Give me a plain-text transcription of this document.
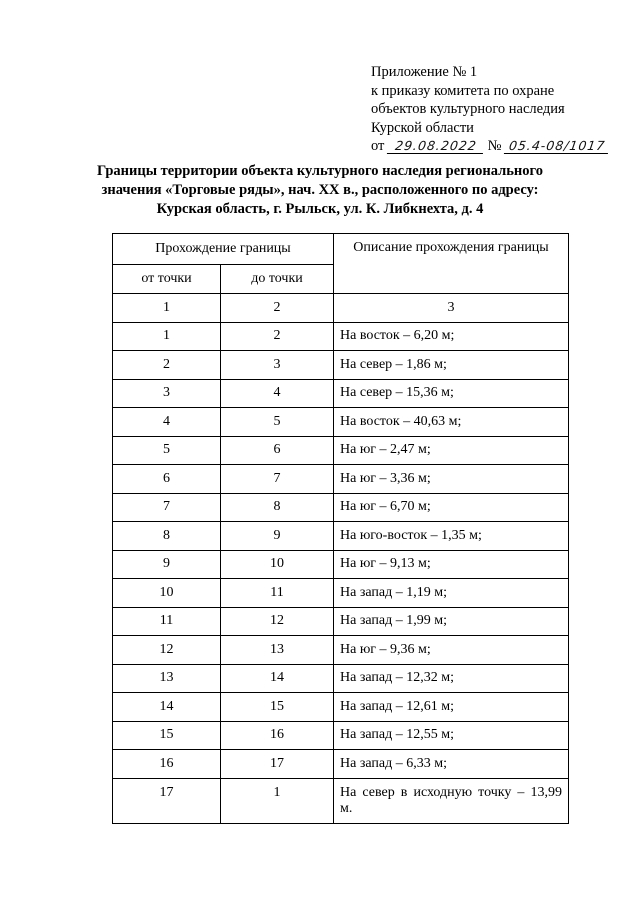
Приложение № 1
к приказу комитета по охране
объектов культурного наследия
Курской области
от 29.08.2022 № 05.4-08/1017
Границы территории объекта культурного наследия регионального
значения «Торговые ряды», нач. XX в., расположенного по адресу:
Курская область, г. Рыльск, ул. К. Либкнехта, д. 4
Прохождение границы		Описание прохождения границы
от точки	до точки	
1	2	3
1	2	На восток – 6,20 м;
2	3	На север – 1,86 м;
3	4	На север – 15,36 м;
4	5	На восток – 40,63 м;
5	6	На юг – 2,47 м;
6	7	На юг – 3,36 м;
7	8	На юг – 6,70 м;
8	9	На юго-восток – 1,35 м;
9	10	На юг – 9,13 м;
10	11	На запад – 1,19 м;
11	12	На запад – 1,99 м;
12	13	На юг – 9,36 м;
13	14	На запад – 12,32 м;
14	15	На запад – 12,61 м;
15	16	На запад – 12,55 м;
16	17	На запад – 6,33 м;
17	1	На север в исходную точку – 13,99 м.
